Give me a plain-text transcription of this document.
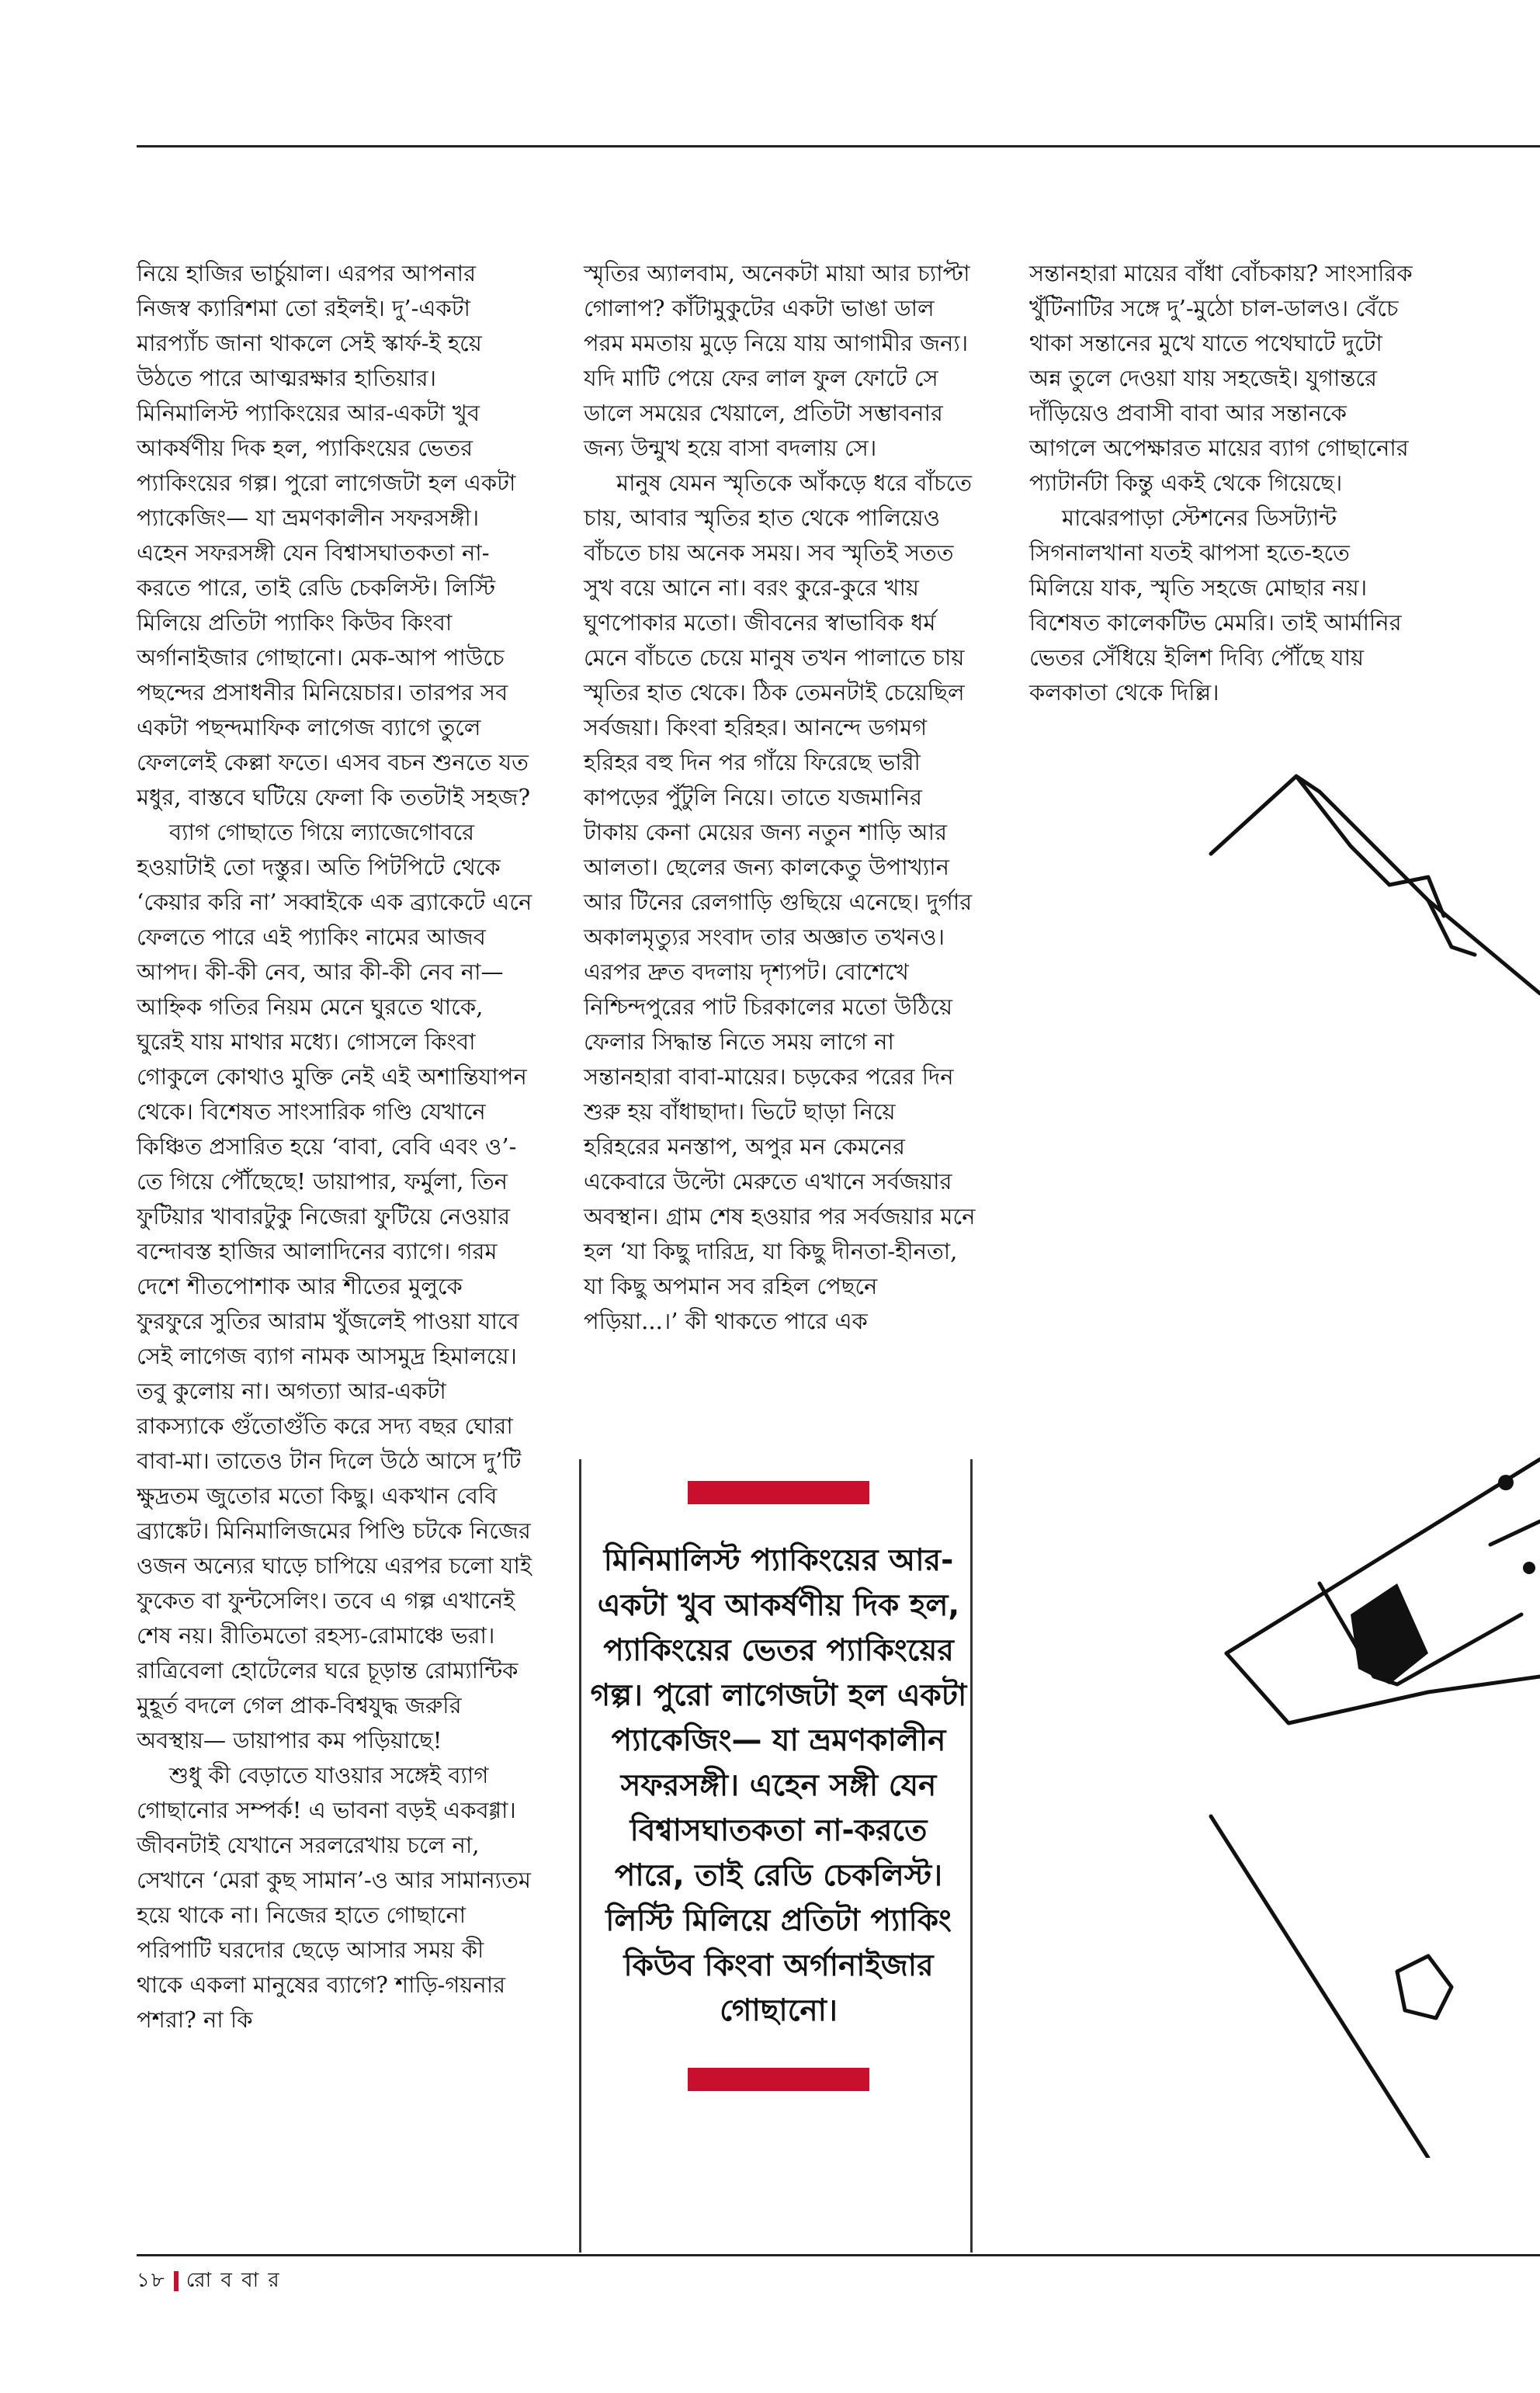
নিয়ে হাজির ভার্চুয়াল। এরপর আপনার নিজস্ব ক্যারিশমা তো রইলই। দু’-একটা মারপ্যাঁচ জানা থাকলে সেই স্কার্ফ-ই হয়ে উঠতে পারে আত্মরক্ষার হাতিয়ার। মিনিমালিস্ট প্যাকিংয়ের আর-একটা খুব আকর্ষণীয় দিক হল, প্যাকিংয়ের ভেতর প্যাকিংয়ের গল্প। পুরো লাগেজটা হল একটা প্যাকেজিং— যা ভ্রমণকালীন সফরসঙ্গী। এহেন সফরসঙ্গী যেন বিশ্বাসঘাতকতা না-করতে পারে, তাই রেডি চেকলিস্ট। লিস্টি মিলিয়ে প্রতিটা প্যাকিং কিউব কিংবা অর্গানাইজার গোছানো। মেক-আপ পাউচে পছন্দের প্রসাধনীর মিনিয়েচার। তারপর সব একটা পছন্দমাফিক লাগেজ ব্যাগে তুলে ফেললেই কেল্লা ফতে। এসব বচন শুনতে যত মধুর, বাস্তবে ঘটিয়ে ফেলা কি ততটাই সহজ?

ব্যাগ গোছাতে গিয়ে ল্যাজেগোবরে হওয়াটাই তো দস্তুর। অতি পিটপিটে থেকে ‘কেয়ার করি না’ সব্বাইকে এক ব্র্যাকেটে এনে ফেলতে পারে এই প্যাকিং নামের আজব আপদ। কী-কী নেব, আর কী-কী নেব না— আহ্নিক গতির নিয়ম মেনে ঘুরতে থাকে, ঘুরেই যায় মাথার মধ্যে। গোসলে কিংবা গোকুলে কোথাও মুক্তি নেই এই অশান্তিযাপন থেকে। বিশেষত সাংসারিক গণ্ডি যেখানে কিঞ্চিত প্রসারিত হয়ে ‘বাবা, বেবি এবং ও’-তে গিয়ে পৌঁছেছে! ডায়াপার, ফর্মুলা, তিন ফুটিয়ার খাবারটুকু নিজেরা ফুটিয়ে নেওয়ার বন্দোবস্ত হাজির আলাদিনের ব্যাগে। গরম দেশে শীতপোশাক আর শীতের মুলুকে ফুরফুরে সুতির আরাম খুঁজলেই পাওয়া যাবে সেই লাগেজ ব্যাগ নামক আসমুদ্র হিমালয়ে। তবু কুলোয় না। অগত্যা আর-একটা রাকস্যাকে গুঁতোগুঁতি করে সদ্য বছর ঘোরা বাবা-মা। তাতেও টান দিলে উঠে আসে দু’টি ক্ষুদ্রতম জুতোর মতো কিছু। একখান বেবি ব্র্যাঙ্কেট। মিনিমালিজমের পিণ্ডি চটকে নিজের ওজন অন্যের ঘাড়ে চাপিয়ে এরপর চলো যাই ফুকেত বা ফুন্টসেলিং। তবে এ গল্প এখানেই শেষ নয়। রীতিমতো রহস্য-রোমাঞ্চে ভরা। রাত্রিবেলা হোটেলের ঘরে চূড়ান্ত রোম্যান্টিক মুহূর্ত বদলে গেল প্রাক-বিশ্বযুদ্ধ জরুরি অবস্থায়— ডায়াপার কম পড়িয়াছে!

শুধু কী বেড়াতে যাওয়ার সঙ্গেই ব্যাগ গোছানোর সম্পর্ক! এ ভাবনা বড়ই একবগ্গা। জীবনটাই যেখানে সরলরেখায় চলে না, সেখানে ‘মেরা কুছ সামান’-ও আর সামান্যতম হয়ে থাকে না। নিজের হাতে গোছানো পরিপাটি ঘরদোর ছেড়ে আসার সময় কী থাকে একলা মানুষের ব্যাগে? শাড়ি-গয়নার পশরা? না কি

স্মৃতির অ্যালবাম, অনেকটা মায়া আর চ্যাপ্টা গোলাপ? কাঁটামুকুটের একটা ভাঙা ডাল পরম মমতায় মুড়ে নিয়ে যায় আগামীর জন্য। যদি মাটি পেয়ে ফের লাল ফুল ফোটে সে ডালে সময়ের খেয়ালে, প্রতিটা সম্ভাবনার জন্য উন্মুখ হয়ে বাসা বদলায় সে।

মানুষ যেমন স্মৃতিকে আঁকড়ে ধরে বাঁচতে চায়, আবার স্মৃতির হাত থেকে পালিয়েও বাঁচতে চায় অনেক সময়। সব স্মৃতিই সতত সুখ বয়ে আনে না। বরং কুরে-কুরে খায় ঘুণপোকার মতো। জীবনের স্বাভাবিক ধর্ম মেনে বাঁচতে চেয়ে মানুষ তখন পালাতে চায় স্মৃতির হাত থেকে। ঠিক তেমনটাই চেয়েছিল সর্বজয়া। কিংবা হরিহর। আনন্দে ডগমগ হরিহর বহু দিন পর গাঁয়ে ফিরেছে ভারী কাপড়ের পুঁটুলি নিয়ে। তাতে যজমানির টাকায় কেনা মেয়ের জন্য নতুন শাড়ি আর আলতা। ছেলের জন্য কালকেতু উপাখ্যান আর টিনের রেলগাড়ি গুছিয়ে এনেছে। দুর্গার অকালমৃত্যুর সংবাদ তার অজ্ঞাত তখনও। এরপর দ্রুত বদলায় দৃশ্যপট। বোশেখে নিশ্চিন্দপুরের পাট চিরকালের মতো উঠিয়ে ফেলার সিদ্ধান্ত নিতে সময় লাগে না সন্তানহারা বাবা-মায়ের। চড়কের পরের দিন শুরু হয় বাঁধাছাদা। ভিটে ছাড়া নিয়ে হরিহরের মনস্তাপ, অপুর মন কেমনের একেবারে উল্টো মেরুতে এখানে সর্বজয়ার অবস্থান। গ্রাম শেষ হওয়ার পর সর্বজয়ার মনে হল ‘যা কিছু দারিদ্র, যা কিছু দীনতা-হীনতা, যা কিছু অপমান সব রহিল পেছনে পড়িয়া...।’ কী থাকতে পারে এক

সন্তানহারা মায়ের বাঁধা বোঁচকায়? সাংসারিক খুঁটিনাটির সঙ্গে দু’-মুঠো চাল-ডালও। বেঁচে থাকা সন্তানের মুখে যাতে পথেঘাটে দুটো অন্ন তুলে দেওয়া যায় সহজেই। যুগান্তরে দাঁড়িয়েও প্রবাসী বাবা আর সন্তানকে আগলে অপেক্ষারত মায়ের ব্যাগ গোছানোর প্যাটার্নটা কিন্তু একই থেকে গিয়েছে।

মাঝেরপাড়া স্টেশনের ডিসট্যান্ট সিগনালখানা যতই ঝাপসা হতে-হতে মিলিয়ে যাক, স্মৃতি সহজে মোছার নয়। বিশেষত কালেকটিভ মেমরি। তাই আর্মানির ভেতর সেঁধিয়ে ইলিশ দিব্যি পৌঁছে যায় কলকাতা থেকে দিল্লি।

মিনিমালিস্ট প্যাকিংয়ের আর-একটা খুব আকর্ষণীয় দিক হল, প্যাকিংয়ের ভেতর প্যাকিংয়ের গল্প। পুরো লাগেজটা হল একটা প্যাকেজিং— যা ভ্রমণকালীন সফরসঙ্গী। এহেন সঙ্গী যেন বিশ্বাসঘাতকতা না-করতে পারে, তাই রেডি চেকলিস্ট। লিস্টি মিলিয়ে প্রতিটা প্যাকিং কিউব কিংবা অর্গানাইজার গোছানো।

১৮ রো ব বা র
